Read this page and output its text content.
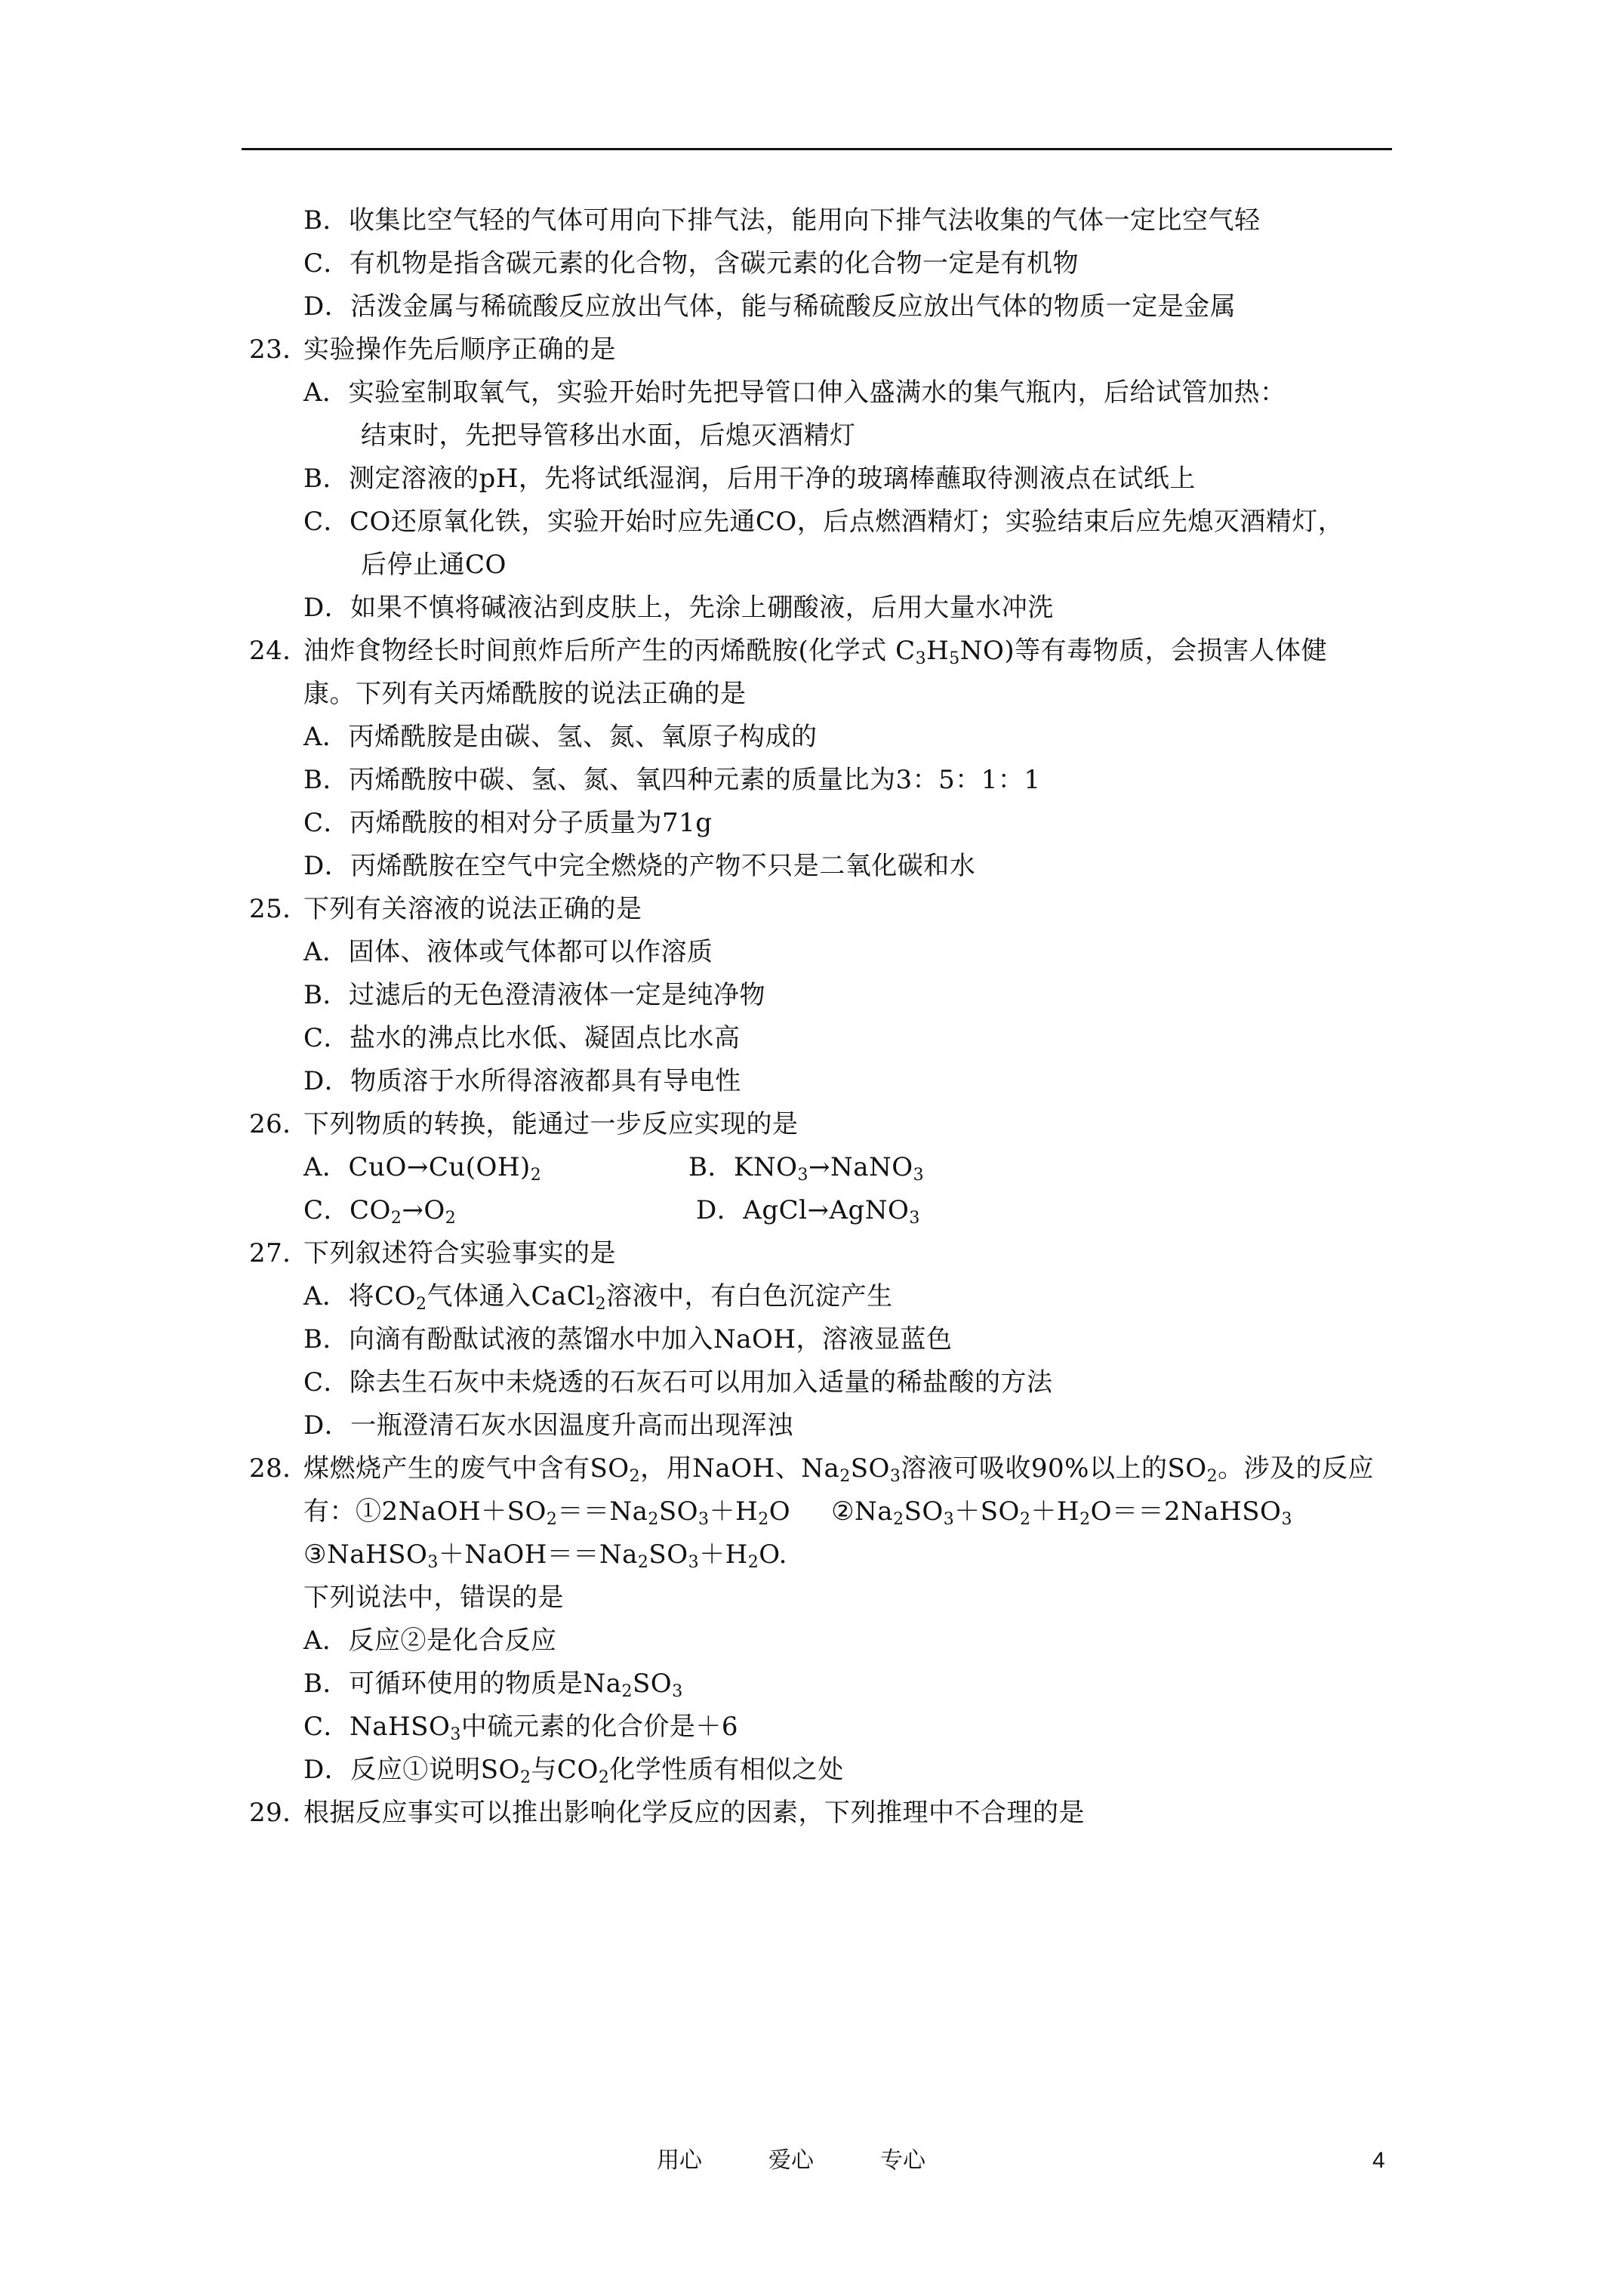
B．收集比空气轻的气体可用向下排气法，能用向下排气法收集的气体一定比空气轻
C．有机物是指含碳元素的化合物，含碳元素的化合物一定是有机物
D．活泼金属与稀硫酸反应放出气体，能与稀硫酸反应放出气体的物质一定是金属
23．实验操作先后顺序正确的是
A．实验室制取氧气，实验开始时先把导管口伸入盛满水的集气瓶内，后给试管加热：
结束时，先把导管移出水面，后熄灭酒精灯
B．测定溶液的pH，先将试纸湿润，后用干净的玻璃棒蘸取待测液点在试纸上
C．CO还原氧化铁，实验开始时应先通CO，后点燃酒精灯；实验结束后应先熄灭酒精灯，
后停止通CO
D．如果不慎将碱液沾到皮肤上，先涂上硼酸液，后用大量水冲洗
24．油炸食物经长时间煎炸后所产生的丙烯酰胺(化学式 $C_3H_5NO$)等有毒物质，会损害人体健
康。下列有关丙烯酰胺的说法正确的是
A．丙烯酰胺是由碳、氢、氮、氧原子构成的
B．丙烯酰胺中碳、氢、氮、氧四种元素的质量比为3：5：1：1
C．丙烯酰胺的相对分子质量为71g
D．丙烯酰胺在空气中完全燃烧的产物不只是二氧化碳和水
25．下列有关溶液的说法正确的是
A．固体、液体或气体都可以作溶质
B．过滤后的无色澄清液体一定是纯净物
C．盐水的沸点比水低、凝固点比水高
D．物质溶于水所得溶液都具有导电性
26．下列物质的转换，能通过一步反应实现的是
A．$CuO\to Cu(OH)_2$	B．$KNO_3\to NaNO_3$
C．$CO_2\to O_2$	D．AgCl→AgNO$_3$
27．下列叙述符合实验事实的是
A．将$CO_2$气体通入CaCl$_2$溶液中，有白色沉淀产生
B．向滴有酚酞试液的蒸馏水中加入NaOH，溶液显蓝色
C．除去生石灰中未烧透的石灰石可以用加入适量的稀盐酸的方法
D．一瓶澄清石灰水因温度升高而出现浑浊
28．煤燃烧产生的废气中含有$SO_2$，用NaOH、$Na_2SO_3$溶液可吸收90%以上的$SO_2$。涉及的反应
有：$①2NaOH+SO_2==Na_2SO_3+H_2O$ $②Na_2SO_3+SO_2+H_2O==2NaHSO_3$
$③NaHSO_3+NaOH==Na_2SO_3+H_2O$.
下列说法中，错误的是
A．反应②是化合反应
B．可循环使用的物质是$Na_2SO_3$
C．NaHSO$_3$中硫元素的化合价是＋6
D．反应①说明$SO_2$与$CO_2$化学性质有相似之处
29．根据反应事实可以推出影响化学反应的因素，下列推理中不合理的是
用心	爱心	专心	4
